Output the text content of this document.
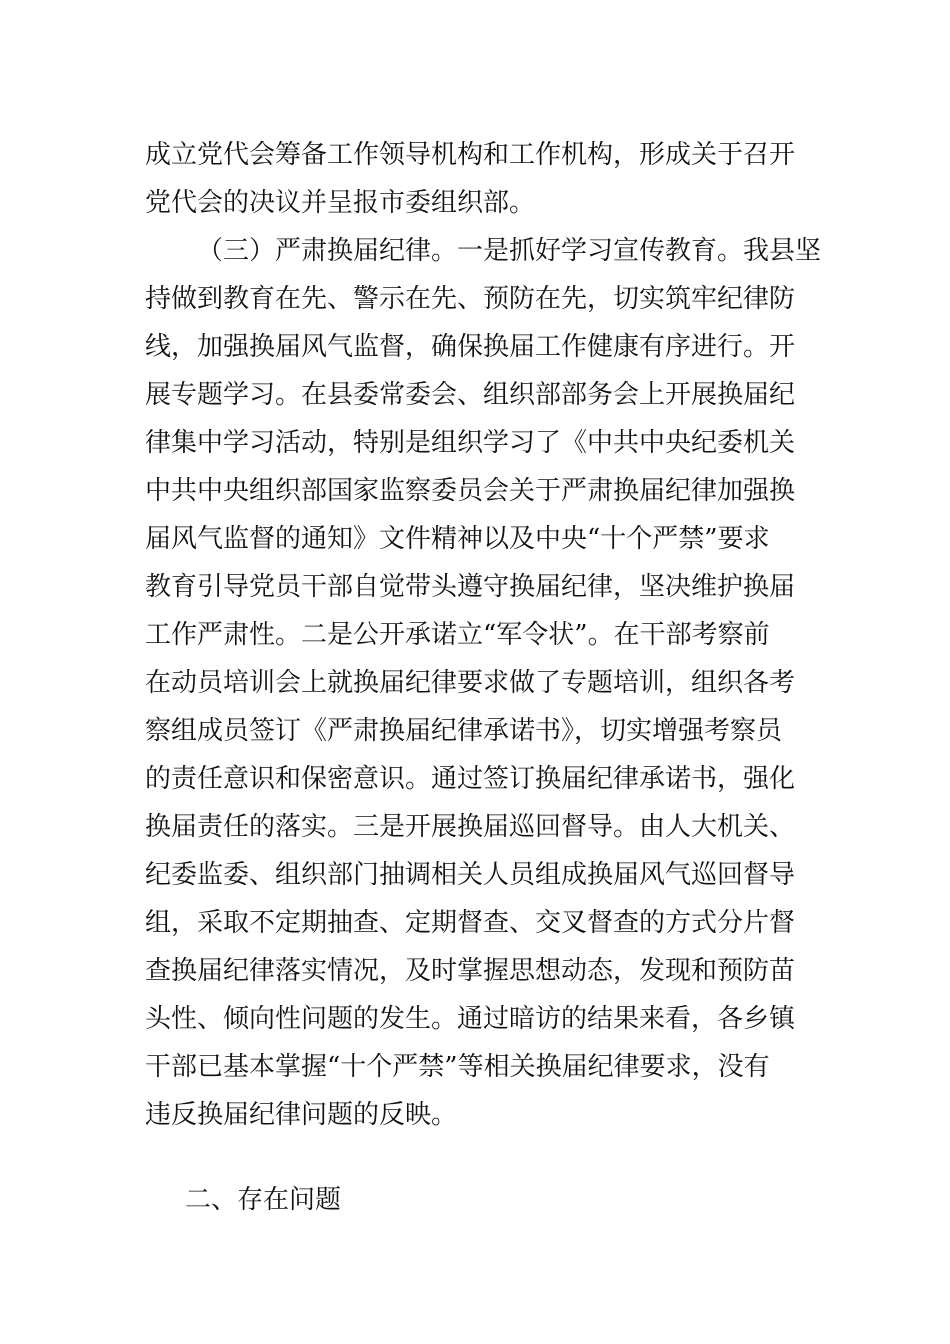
成立党代会筹备工作领导机构和工作机构，形成关于召开
党代会的决议并呈报市委组织部。
（三）严肃换届纪律。一是抓好学习宣传教育。我县坚
持做到教育在先、警示在先、预防在先，切实筑牢纪律防
线，加强换届风气监督，确保换届工作健康有序进行。开
展专题学习。在县委常委会、组织部部务会上开展换届纪
律集中学习活动，特别是组织学习了《中共中央纪委机关
中共中央组织部国家监察委员会关于严肃换届纪律加强换
届风气监督的通知》文件精神以及中央“十个严禁”要求
教育引导党员干部自觉带头遵守换届纪律，坚决维护换届
工作严肃性。二是公开承诺立“军令状”。在干部考察前
在动员培训会上就换届纪律要求做了专题培训，组织各考
察组成员签订《严肃换届纪律承诺书》，切实增强考察员
的责任意识和保密意识。通过签订换届纪律承诺书，强化
换届责任的落实。三是开展换届巡回督导。由人大机关、
纪委监委、组织部门抽调相关人员组成换届风气巡回督导
组，采取不定期抽查、定期督查、交叉督查的方式分片督
查换届纪律落实情况，及时掌握思想动态，发现和预防苗
头性、倾向性问题的发生。通过暗访的结果来看，各乡镇
干部已基本掌握“十个严禁”等相关换届纪律要求，没有
违反换届纪律问题的反映。
二、存在问题
